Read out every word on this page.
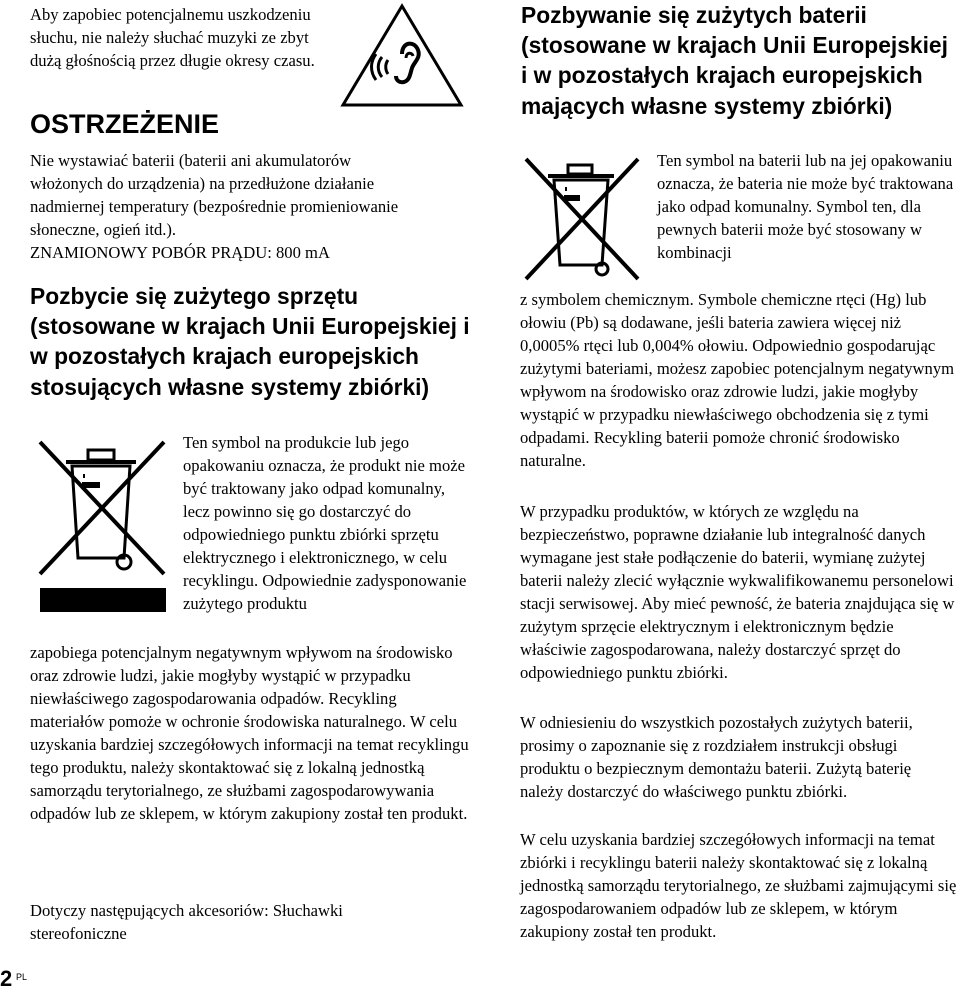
Aby zapobiec potencjalnemu uszkodzeniu słuchu, nie należy słuchać muzyki ze zbyt dużą głośnością przez długie okresy czasu.

OSTRZEŻENIE

Nie wystawiać baterii (baterii ani akumulatorów włożonych do urządzenia) na przedłużone działanie nadmiernej temperatury (bezpośrednie promieniowanie słoneczne, ogień itd.).

ZNAMIONOWY POBÓR PRĄDU: 800 mA

Pozbycie się zużytego sprzętu (stosowane w krajach Unii Europejskiej i w pozostałych krajach europejskich stosujących własne systemy zbiórki)

Ten symbol na produkcie lub jego opakowaniu oznacza, że produkt nie może być traktowany jako odpad komunalny, lecz powinno się go dostarczyć do odpowiedniego punktu zbiórki sprzętu elektrycznego i elektronicznego, w celu recyklingu. Odpowiednie zadysponowanie zużytego produktu

zapobiega potencjalnym negatywnym wpływom na środowisko oraz zdrowie ludzi, jakie mogłyby wystąpić w przypadku niewłaściwego zagospodarowania odpadów. Recykling materiałów pomoże w ochronie środowiska naturalnego. W celu uzyskania bardziej szczegółowych informacji na temat recyklingu tego produktu, należy skontaktować się z lokalną jednostką samorządu terytorialnego, ze służbami zagospodarowywania odpadów lub ze sklepem, w którym zakupiony został ten produkt.

Dotyczy następujących akcesoriów: Słuchawki stereofoniczne

Pozbywanie się zużytych baterii (stosowane w krajach Unii Europejskiej i w pozostałych krajach europejskich mających własne systemy zbiórki)

Ten symbol na baterii lub na jej opakowaniu oznacza, że bateria nie może być traktowana jako odpad komunalny. Symbol ten, dla pewnych baterii może być stosowany w kombinacji

z symbolem chemicznym. Symbole chemiczne rtęci (Hg) lub ołowiu (Pb) są dodawane, jeśli bateria zawiera więcej niż 0,0005% rtęci lub 0,004% ołowiu. Odpowiednio gospodarując zużytymi bateriami, możesz zapobiec potencjalnym negatywnym wpływom na środowisko oraz zdrowie ludzi, jakie mogłyby wystąpić w przypadku niewłaściwego obchodzenia się z tymi odpadami. Recykling baterii pomoże chronić środowisko naturalne.

W przypadku produktów, w których ze względu na bezpieczeństwo, poprawne działanie lub integralność danych wymagane jest stałe podłączenie do baterii, wymianę zużytej baterii należy zlecić wyłącznie wykwalifikowanemu personelowi stacji serwisowej. Aby mieć pewność, że bateria znajdująca się w zużytym sprzęcie elektrycznym i elektronicznym będzie właściwie zagospodarowana, należy dostarczyć sprzęt do odpowiedniego punktu zbiórki.

W odniesieniu do wszystkich pozostałych zużytych baterii, prosimy o zapoznanie się z rozdziałem instrukcji obsługi produktu o bezpiecznym demontażu baterii. Zużytą baterię należy dostarczyć do właściwego punktu zbiórki.

W celu uzyskania bardziej szczegółowych informacji na temat zbiórki i recyklingu baterii należy skontaktować się z lokalną jednostką samorządu terytorialnego, ze służbami zajmującymi się zagospodarowaniem odpadów lub ze sklepem, w którym zakupiony został ten produkt.

2 PL
